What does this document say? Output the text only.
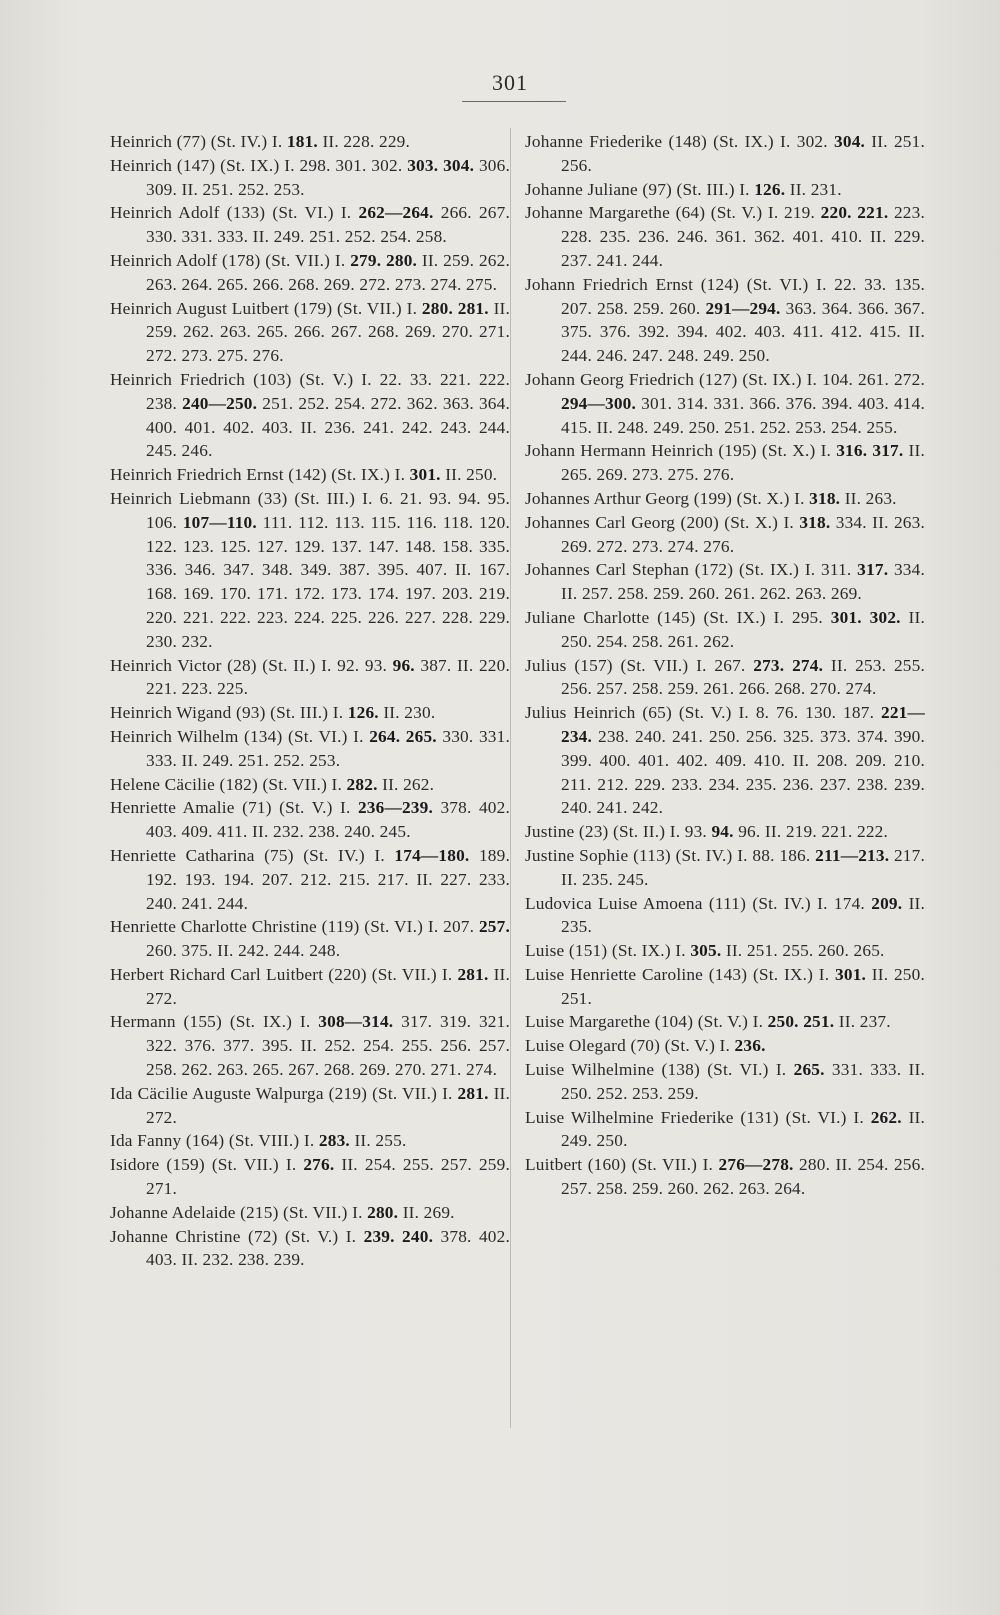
301
Heinrich (77) (St. IV.) I. 181. II. 228. 229.
Heinrich (147) (St. IX.) I. 298. 301. 302. 303. 304. 306. 309. II. 251. 252. 253.
Heinrich Adolf (133) (St. VI.) I. 262—264. 266. 267. 330. 331. 333. II. 249. 251. 252. 254. 258.
Heinrich Adolf (178) (St. VII.) I. 279. 280. II. 259. 262. 263. 264. 265. 266. 268. 269. 272. 273. 274. 275.
Heinrich August Luitbert (179) (St. VII.) I. 280. 281. II. 259. 262. 263. 265. 266. 267. 268. 269. 270. 271. 272. 273. 275. 276.
Heinrich Friedrich (103) (St. V.) I. 22. 33. 221. 222. 238. 240—250. 251. 252. 254. 272. 362. 363. 364. 400. 401. 402. 403. II. 236. 241. 242. 243. 244. 245. 246.
Heinrich Friedrich Ernst (142) (St. IX.) I. 301. II. 250.
Heinrich Liebmann (33) (St. III.) I. 6. 21. 93. 94. 95. 106. 107—110. 111. 112. 113. 115. 116. 118. 120. 122. 123. 125. 127. 129. 137. 147. 148. 158. 335. 336. 346. 347. 348. 349. 387. 395. 407. II. 167. 168. 169. 170. 171. 172. 173. 174. 197. 203. 219. 220. 221. 222. 223. 224. 225. 226. 227. 228. 229. 230. 232.
Heinrich Victor (28) (St. II.) I. 92. 93. 96. 387. II. 220. 221. 223. 225.
Heinrich Wigand (93) (St. III.) I. 126. II. 230.
Heinrich Wilhelm (134) (St. VI.) I. 264. 265. 330. 331. 333. II. 249. 251. 252. 253.
Helene Cäcilie (182) (St. VII.) I. 282. II. 262.
Henriette Amalie (71) (St. V.) I. 236—239. 378. 402. 403. 409. 411. II. 232. 238. 240. 245.
Henriette Catharina (75) (St. IV.) I. 174—180. 189. 192. 193. 194. 207. 212. 215. 217. II. 227. 233. 240. 241. 244.
Henriette Charlotte Christine (119) (St. VI.) I. 207. 257. 260. 375. II. 242. 244. 248.
Herbert Richard Carl Luitbert (220) (St. VII.) I. 281. II. 272.
Hermann (155) (St. IX.) I. 308—314. 317. 319. 321. 322. 376. 377. 395. II. 252. 254. 255. 256. 257. 258. 262. 263. 265. 267. 268. 269. 270. 271. 274.
Ida Cäcilie Auguste Walpurga (219) (St. VII.) I. 281. II. 272.
Ida Fanny (164) (St. VIII.) I. 283. II. 255.
Isidore (159) (St. VII.) I. 276. II. 254. 255. 257. 259. 271.
Johanne Adelaide (215) (St. VII.) I. 280. II. 269.
Johanne Christine (72) (St. V.) I. 239. 240. 378. 402. 403. II. 232. 238. 239.
Johanne Friederike (148) (St. IX.) I. 302. 304. II. 251. 256.
Johanne Juliane (97) (St. III.) I. 126. II. 231.
Johanne Margarethe (64) (St. V.) I. 219. 220. 221. 223. 228. 235. 236. 246. 361. 362. 401. 410. II. 229. 237. 241. 244.
Johann Friedrich Ernst (124) (St. VI.) I. 22. 33. 135. 207. 258. 259. 260. 291—294. 363. 364. 366. 367. 375. 376. 392. 394. 402. 403. 411. 412. 415. II. 244. 246. 247. 248. 249. 250.
Johann Georg Friedrich (127) (St. IX.) I. 104. 261. 272. 294—300. 301. 314. 331. 366. 376. 394. 403. 414. 415. II. 248. 249. 250. 251. 252. 253. 254. 255.
Johann Hermann Heinrich (195) (St. X.) I. 316. 317. II. 265. 269. 273. 275. 276.
Johannes Arthur Georg (199) (St. X.) I. 318. II. 263.
Johannes Carl Georg (200) (St. X.) I. 318. 334. II. 263. 269. 272. 273. 274. 276.
Johannes Carl Stephan (172) (St. IX.) I. 311. 317. 334. II. 257. 258. 259. 260. 261. 262. 263. 269.
Juliane Charlotte (145) (St. IX.) I. 295. 301. 302. II. 250. 254. 258. 261. 262.
Julius (157) (St. VII.) I. 267. 273. 274. II. 253. 255. 256. 257. 258. 259. 261. 266. 268. 270. 274.
Julius Heinrich (65) (St. V.) I. 8. 76. 130. 187. 221—234. 238. 240. 241. 250. 256. 325. 373. 374. 390. 399. 400. 401. 402. 409. 410. II. 208. 209. 210. 211. 212. 229. 233. 234. 235. 236. 237. 238. 239. 240. 241. 242.
Justine (23) (St. II.) I. 93. 94. 96. II. 219. 221. 222.
Justine Sophie (113) (St. IV.) I. 88. 186. 211—213. 217. II. 235. 245.
Ludovica Luise Amoena (111) (St. IV.) I. 174. 209. II. 235.
Luise (151) (St. IX.) I. 305. II. 251. 255. 260. 265.
Luise Henriette Caroline (143) (St. IX.) I. 301. II. 250. 251.
Luise Margarethe (104) (St. V.) I. 250. 251. II. 237.
Luise Olegard (70) (St. V.) I. 236.
Luise Wilhelmine (138) (St. VI.) I. 265. 331. 333. II. 250. 252. 253. 259.
Luise Wilhelmine Friederike (131) (St. VI.) I. 262. II. 249. 250.
Luitbert (160) (St. VII.) I. 276—278. 280. II. 254. 256. 257. 258. 259. 260. 262. 263. 264.
